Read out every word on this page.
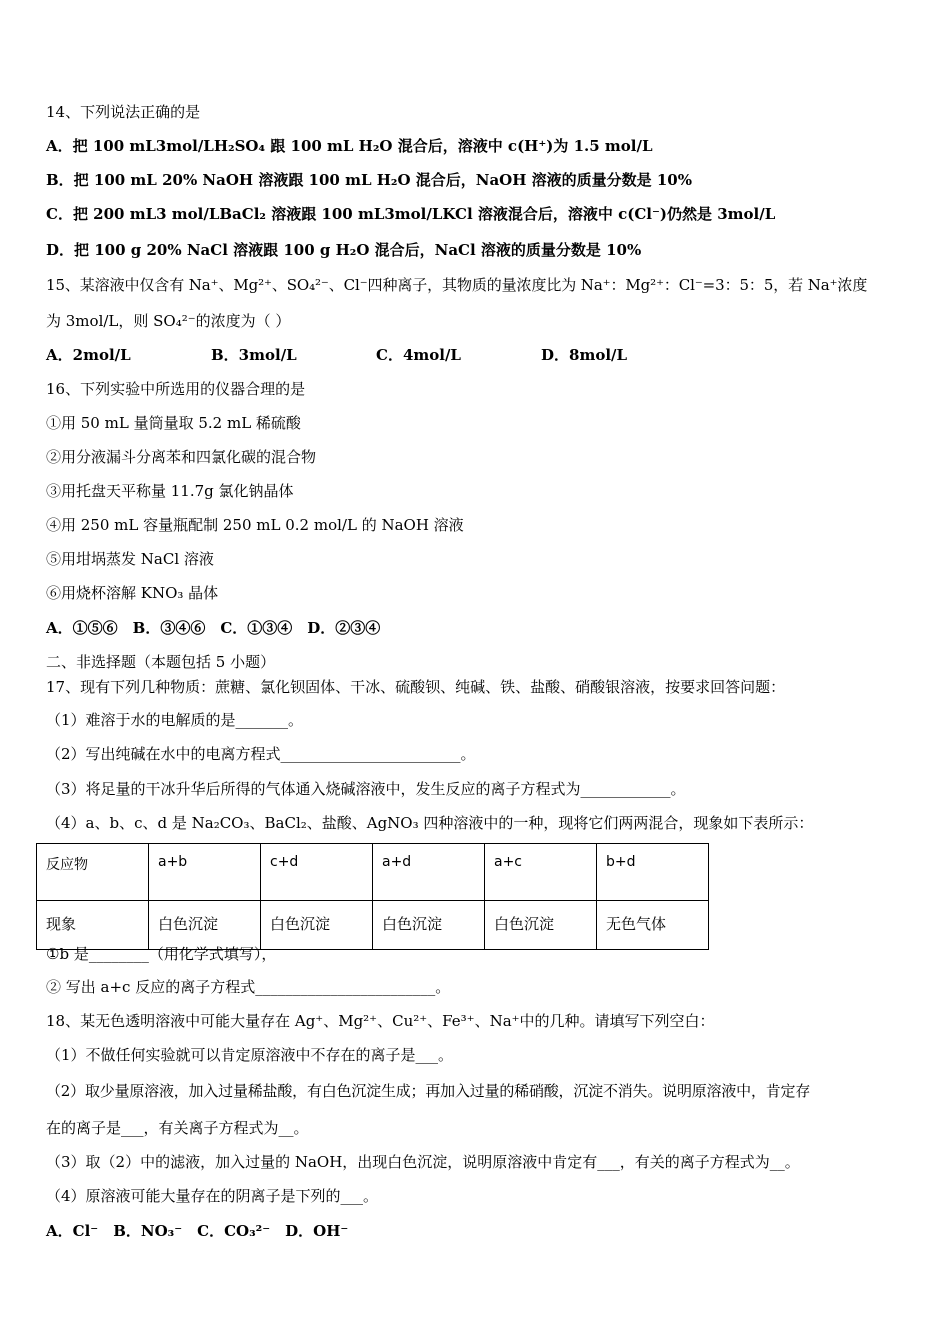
14、下列说法正确的是
A．把 100 mL3mol/LH₂SO₄ 跟 100 mL H₂O 混合后，溶液中 c(H⁺)为 1.5 mol/L
B．把 100 mL 20% NaOH 溶液跟 100 mL H₂O 混合后，NaOH 溶液的质量分数是 10%
C．把 200 mL3 mol/LBaCl₂ 溶液跟 100 mL3mol/LKCl 溶液混合后，溶液中 c(Cl⁻)仍然是 3mol/L
D．把 100 g 20% NaCl 溶液跟 100 g H₂O 混合后，NaCl 溶液的质量分数是 10%
15、某溶液中仅含有 Na⁺、Mg²⁺、SO₄²⁻、Cl⁻四种离子，其物质的量浓度比为 Na⁺：Mg²⁺：Cl⁻=3：5：5，若 Na⁺浓度
为 3mol/L，则 SO₄²⁻的浓度为（ ）
A．2mol/L	B．3mol/L	C．4mol/L	D．8mol/L
16、下列实验中所选用的仪器合理的是
①用 50 mL 量筒量取 5.2 mL 稀硫酸
②用分液漏斗分离苯和四氯化碳的混合物
③用托盘天平称量 11.7g 氯化钠晶体
④用 250 mL 容量瓶配制 250 mL 0.2 mol/L 的 NaOH 溶液
⑤用坩埚蒸发 NaCl 溶液
⑥用烧杯溶解 KNO₃ 晶体
A．①⑤⑥　B．③④⑥　C．①③④　D．②③④
二、非选择题（本题包括 5 小题）
17、现有下列几种物质：蔗糖、氯化钡固体、干冰、硫酸钡、纯碱、铁、盐酸、硝酸银溶液，按要求回答问题：
（1）难溶于水的电解质的是_______。
（2）写出纯碱在水中的电离方程式________________________。
（3）将足量的干冰升华后所得的气体通入烧碱溶液中，发生反应的离子方程式为____________。
（4）a、b、c、d 是 Na₂CO₃、BaCl₂、盐酸、AgNO₃ 四种溶液中的一种，现将它们两两混合，现象如下表所示：
反应物	a+b	c+d	a+d	a+c	b+d
现象	白色沉淀	白色沉淀	白色沉淀	白色沉淀	无色气体
①b 是________（用化学式填写），
② 写出 a+c 反应的离子方程式________________________。
18、某无色透明溶液中可能大量存在 Ag⁺、Mg²⁺、Cu²⁺、Fe³⁺、Na⁺中的几种。请填写下列空白：
（1）不做任何实验就可以肯定原溶液中不存在的离子是___。
（2）取少量原溶液，加入过量稀盐酸，有白色沉淀生成；再加入过量的稀硝酸，沉淀不消失。说明原溶液中，肯定存
在的离子是___，有关离子方程式为__。
（3）取（2）中的滤液，加入过量的 NaOH，出现白色沉淀，说明原溶液中肯定有___，有关的离子方程式为__。
（4）原溶液可能大量存在的阴离子是下列的___。
A．Cl⁻　B．NO₃⁻　C．CO₃²⁻　D．OH⁻
